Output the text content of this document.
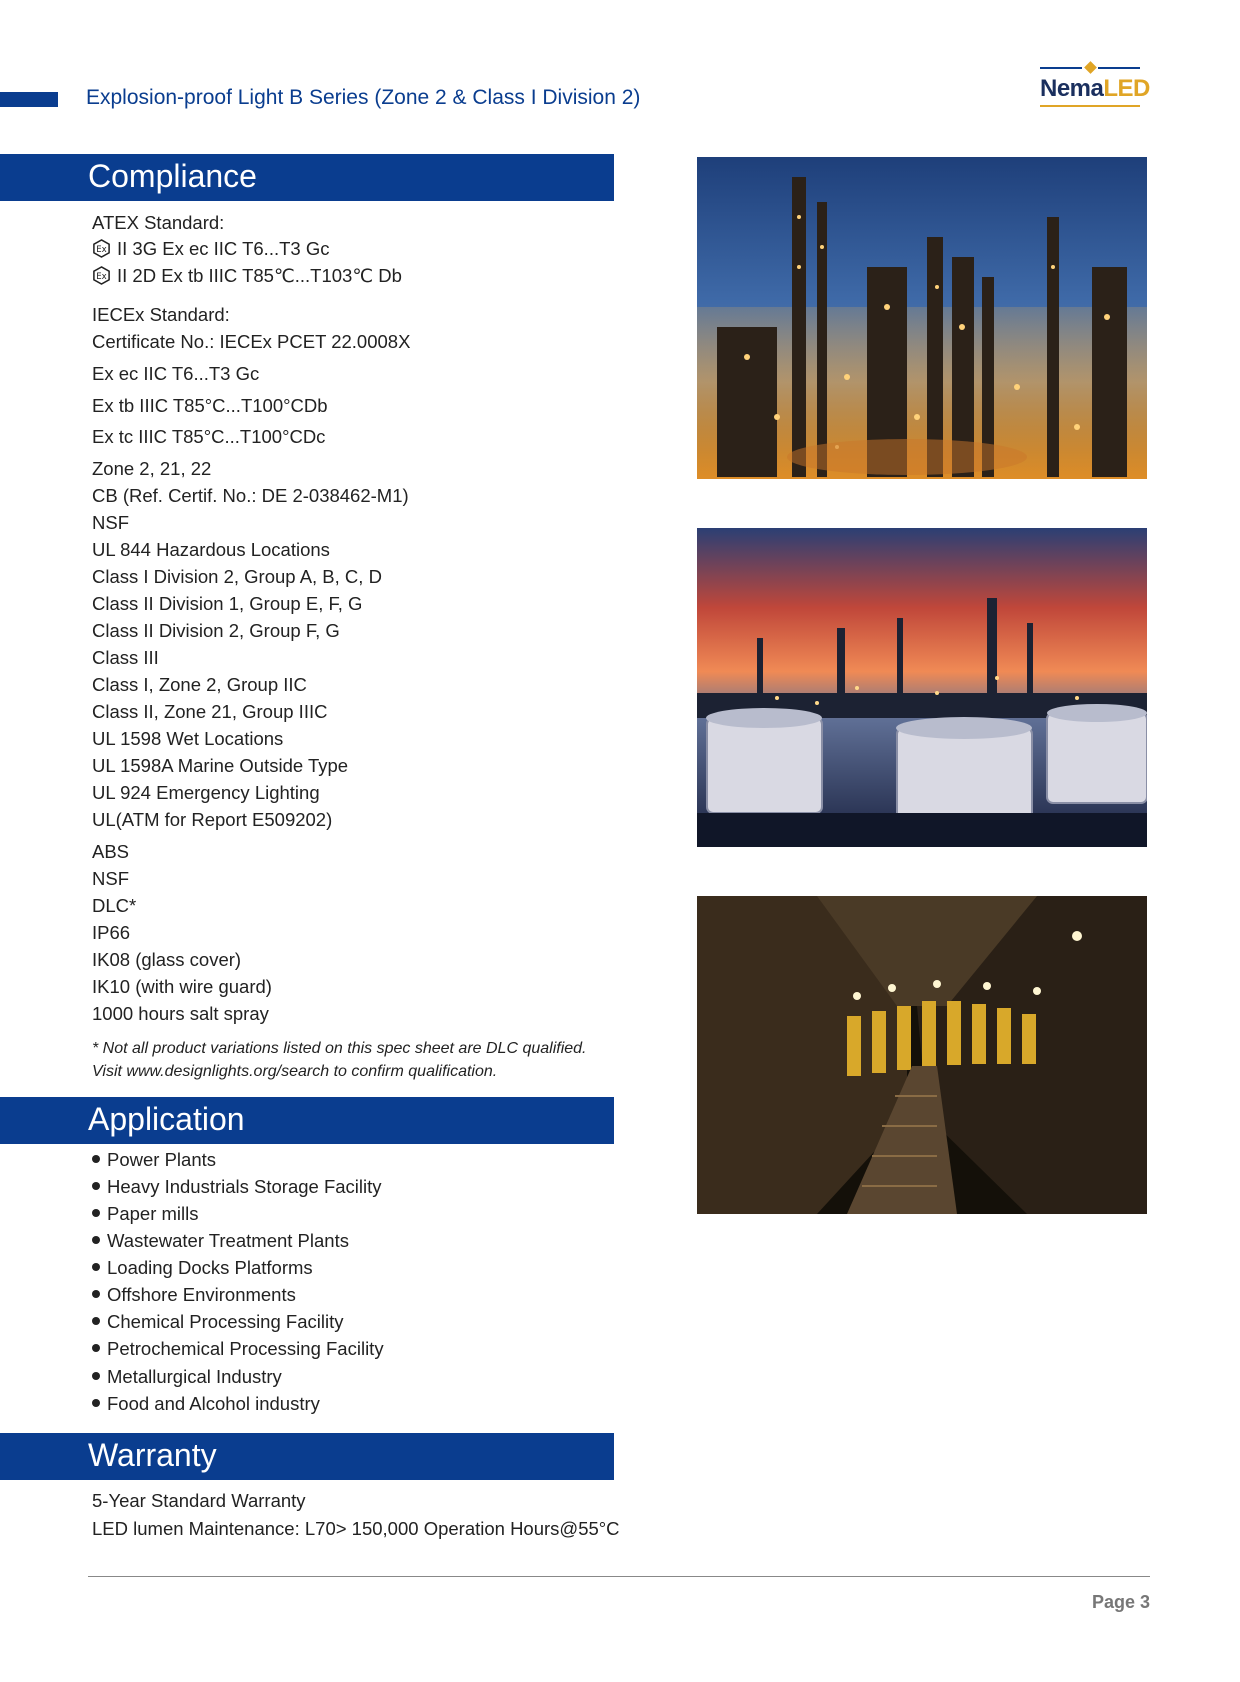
Explosion-proof Light B Series (Zone 2 & Class I Division 2)	NemaLED
Compliance
ATEX Standard:
Ex II 3G Ex ec IIC T6...T3 Gc
Ex II 2D Ex tb IIIC T85℃...T103℃ Db
IECEx Standard:
Certificate No.: IECEx PCET 22.0008X
Ex ec IIC T6...T3 Gc
Ex tb IIIC T85°C...T100°CDb
Ex tc IIIC T85°C...T100°CDc
Zone 2, 21, 22
CB (Ref. Certif. No.: DE 2-038462-M1)
NSF
UL 844 Hazardous Locations
Class I Division 2, Group A, B, C, D
Class II Division 1, Group E, F, G
Class II Division 2, Group F, G
Class III
Class I, Zone 2, Group IIC
Class II, Zone 21, Group IIIC
UL 1598 Wet Locations
UL 1598A Marine Outside Type
UL 924 Emergency Lighting
UL(ATM for Report E509202)
ABS
NSF
DLC*
IP66
IK08 (glass cover)
IK10 (with wire guard)
1000 hours salt spray
* Not all product variations listed on this spec sheet are DLC qualified.
Visit www.designlights.org/search to confirm qualification.
Application
Power Plants
Heavy Industrials Storage Facility
Paper mills
Wastewater Treatment Plants
Loading Docks Platforms
Offshore Environments
Chemical Processing Facility
Petrochemical Processing Facility
Metallurgical Industry
Food and Alcohol industry
Warranty
5-Year Standard Warranty
LED lumen Maintenance: L70> 150,000 Operation Hours@55°C
Page 3
